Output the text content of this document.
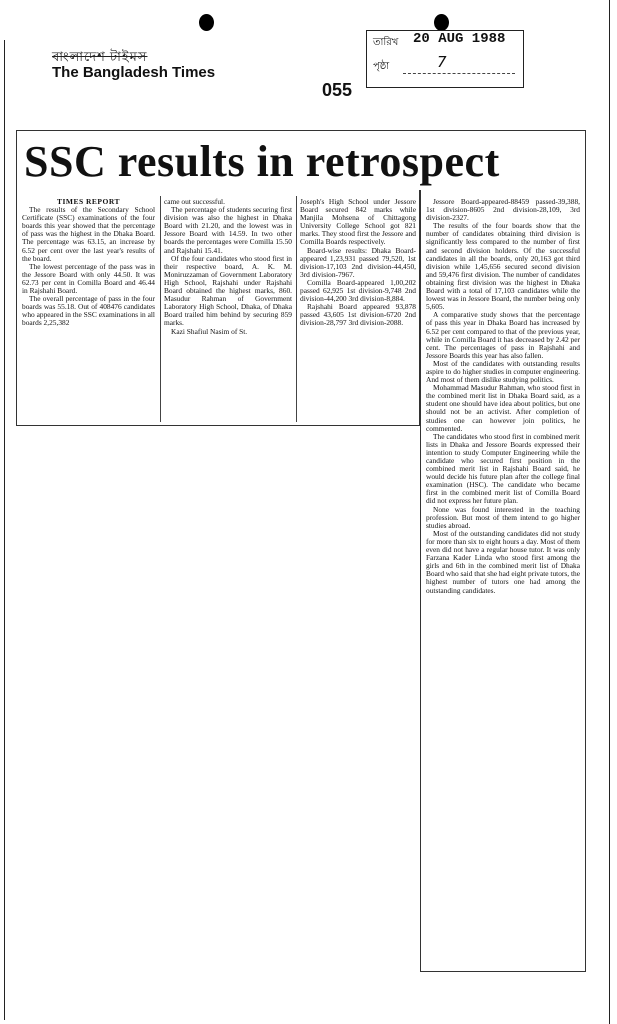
বাংলাদেশ টাইমস
The Bangladesh Times
055
তারিখ 20 AUG 1988
পৃষ্ঠা	7
SSC results in retrospect

TIMES REPORT

The results of the Secondary School Certificate (SSC) examinations of the four boards this year showed that the percentage of pass was the highest in the Dhaka Board. The percentage was 63.15, an increase by 6.52 per cent over the last year's results of the board.

The lowest percentage of the pass was in the Jessore Board with only 44.50. It was 62.73 per cent in Comilla Board and 46.44 in Rajshahi Board.

The overall percentage of pass in the four boards was 55.18. Out of 408476 candidates who appeared in the SSC examinations in all boards 2,25,382

came out successful.

The percentage of students securing first division was also the highest in Dhaka Board with 21.20, and the lowest was in Jessore Board with 14.59. In two other boards the percentages were Comilla 15.50 and Rajshahi 15.41.

Of the four candidates who stood first in their respective board, A. K. M. Moniruzzaman of Government Laboratory High School, Rajshahi under Rajshahi Board obtained the highest marks, 860. Masudur Rahman of Government Laboratory High School, Dhaka, of Dhaka Board trailed him behind by securing 859 marks.

Kazi Shafiul Nasim of St.

Joseph's High School under Jessore Board secured 842 marks while Manjila Mohsena of Chittagong University College School got 821 marks. They stood first the Jessore and Comilla Boards respectively.

Board-wise results: Dhaka Board-appeared 1,23,931 passed 79,520, 1st division-17,103 2nd division-44,450, 3rd division-7967.

Comilla Board-appeared 1,00,202 passed 62,925 1st division-9,748 2nd division-44,200 3rd division-8,884.

Rajshahi Board appeared 93,878 passed 43,605 1st division-6720 2nd division-28,797 3rd division-2088.

Jessore Board-appeared-88459 passed-39,388, 1st division-8605 2nd division-28,109, 3rd division-2327.

The results of the four boards show that the number of candidates obtaining third division is significantly less compared to the number of first and second division holders. Of the successful candidates in all the boards, only 20,163 got third division while 1,45,656 secured second division and 59,476 first division. The number of candidates obtaining first division was the highest in Dhaka Board with a total of 17,103 candidates while the lowest was in Jessore Board, the number being only 5,605.

A comparative study shows that the percentage of pass this year in Dhaka Board has increased by 6.52 per cent compared to that of the previous year, while in Comilla Board it has decreased by 2.42 per cent. The percentages of pass in Rajshahi and Jessore Boards this year has also fallen.

Most of the candidates with outstanding results aspire to do higher studies in computer engineering. And most of them dislike studying politics.

Mohammad Masudur Rahman, who stood first in the combined merit list in Dhaka Board said, as a student one should have idea about politics, but one should not be an activist. After completion of studies one can however join politics, he commented.

The candidates who stood first in combined merit lists in Dhaka and Jessore Boards expressed their intention to study Computer Engineering while the candidate who secured first position in the combined merit list in Rajshahi Board said, he would decide his future plan after the college final examination (HSC). The candidate who became first in the combined merit list of Comilla Board did not express her future plan.

None was found interested in the teaching profession. But most of them intend to go higher studies abroad.

Most of the outstanding candidates did not study for more than six to eight hours a day. Most of them even did not have a regular house tutor. It was only Farzana Kader Linda who stood first among the girls and 6th in the combined merit list of Dhaka Board who said that she had eight private tutors, the highest number of tutors one had among the outstanding candidates.
